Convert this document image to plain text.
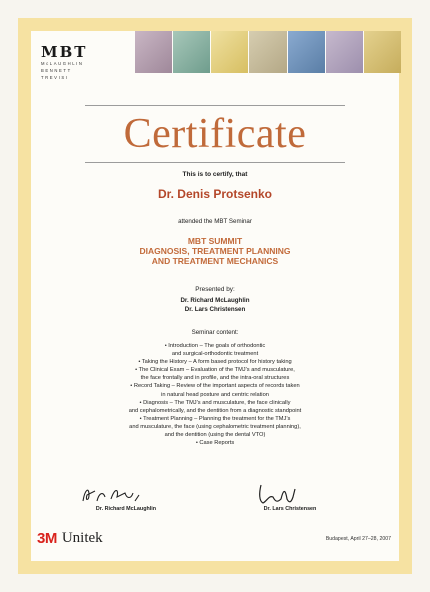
MBT
McLAUGHLIN
BENNETT
TREVISI
Certificate
This is to certify, that
Dr. Denis Protsenko
attended the MBT Seminar
MBT SUMMIT
DIAGNOSIS, TREATMENT PLANNING
AND TREATMENT MECHANICS
Presented by:
Dr. Richard McLaughlin
Dr. Lars Christensen
Seminar content:
• Introduction – The goals of orthodontic
and surgical-orthodontic treatment
• Taking the History – A form based protocol for history taking
• The Clinical Exam – Evaluation of the TMJ’s and musculature,
the face frontally and in profile, and the intra-oral structures
• Record Taking – Review of the important aspects of records taken
in natural head posture and centric relation
• Diagnosis – The TMJ’s and musculature, the face clinically
and cephalometrically, and the dentition from a diagnostic standpoint
• Treatment Planning – Planning the treatment for the TMJ’s
and musculature, the face (using cephalometric treatment planning),
and the dentition (using the dental VTO)
• Case Reports
Dr. Richard McLaughlin	Dr. Lars Christensen
3M Unitek	Budapest, April 27–28, 2007
